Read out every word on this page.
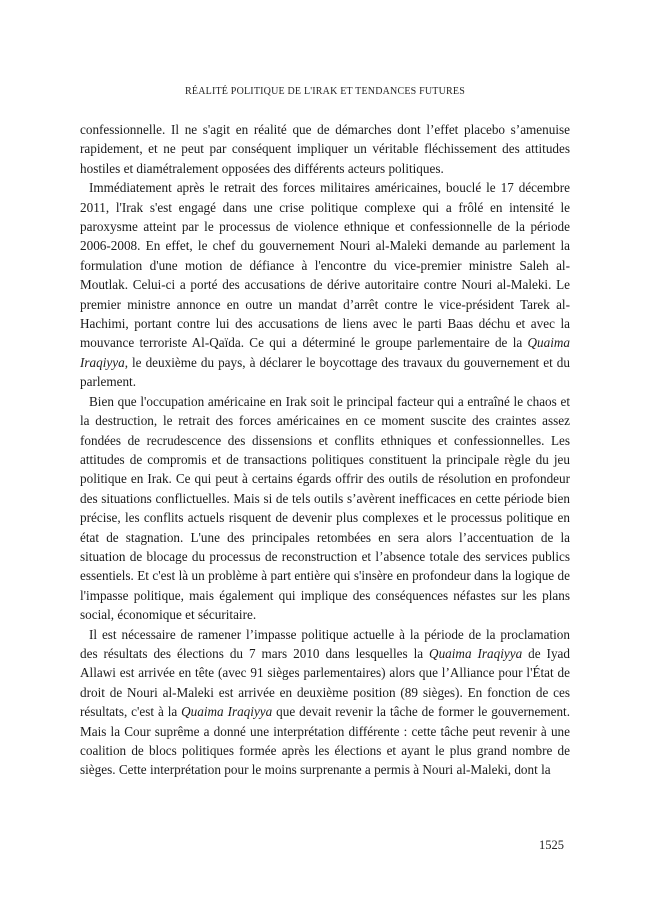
RÉALITÉ POLITIQUE DE L'IRAK ET TENDANCES FUTURES

confessionnelle. Il ne s'agit en réalité que de démarches dont l’effet placebo s’amenuise rapidement, et ne peut par conséquent impliquer un véritable fléchissement des attitudes hostiles et diamétralement opposées des différents acteurs politiques.

Immédiatement après le retrait des forces militaires américaines, bouclé le 17 décembre 2011, l'Irak s'est engagé dans une crise politique complexe qui a frôlé en intensité le paroxysme atteint par le processus de violence ethnique et confessionnelle de la période 2006-2008. En effet, le chef du gouvernement Nouri al-Maleki demande au parlement la formulation d'une motion de défiance à l'encontre du vice-premier ministre Saleh al-Moutlak. Celui-ci a porté des accusations de dérive autoritaire contre Nouri al-Maleki. Le premier ministre annonce en outre un mandat d’arrêt contre le vice-président Tarek al-Hachimi, portant contre lui des accusations de liens avec le parti Baas déchu et avec la mouvance terroriste Al-Qaïda. Ce qui a déterminé le groupe parlementaire de la Quaima Iraqiyya, le deuxième du pays, à déclarer le boycottage des travaux du gouvernement et du parlement.

Bien que l'occupation américaine en Irak soit le principal facteur qui a entraîné le chaos et la destruction, le retrait des forces américaines en ce moment suscite des craintes assez fondées de recrudescence des dissensions et conflits ethniques et confessionnelles. Les attitudes de compromis et de transactions politiques constituent la principale règle du jeu politique en Irak. Ce qui peut à certains égards offrir des outils de résolution en profondeur des situations conflictuelles. Mais si de tels outils s’avèrent inefficaces en cette période bien précise, les conflits actuels risquent de devenir plus complexes et le processus politique en état de stagnation. L'une des principales retombées en sera alors l’accentuation de la situation de blocage du processus de reconstruction et l’absence totale des services publics essentiels. Et c'est là un problème à part entière qui s'insère en profondeur dans la logique de l'impasse politique, mais également qui implique des conséquences néfastes sur les plans social, économique et sécuritaire.

Il est nécessaire de ramener l’impasse politique actuelle à la période de la proclamation des résultats des élections du 7 mars 2010 dans lesquelles la Quaima Iraqiyya de Iyad Allawi est arrivée en tête (avec 91 sièges parlementaires) alors que l’Alliance pour l'État de droit de Nouri al-Maleki est arrivée en deuxième position (89 sièges). En fonction de ces résultats, c'est à la Quaima Iraqiyya que devait revenir la tâche de former le gouvernement. Mais la Cour suprême a donné une interprétation différente : cette tâche peut revenir à une coalition de blocs politiques formée après les élections et ayant le plus grand nombre de sièges. Cette interprétation pour le moins surprenante a permis à Nouri al-Maleki, dont la

1525
